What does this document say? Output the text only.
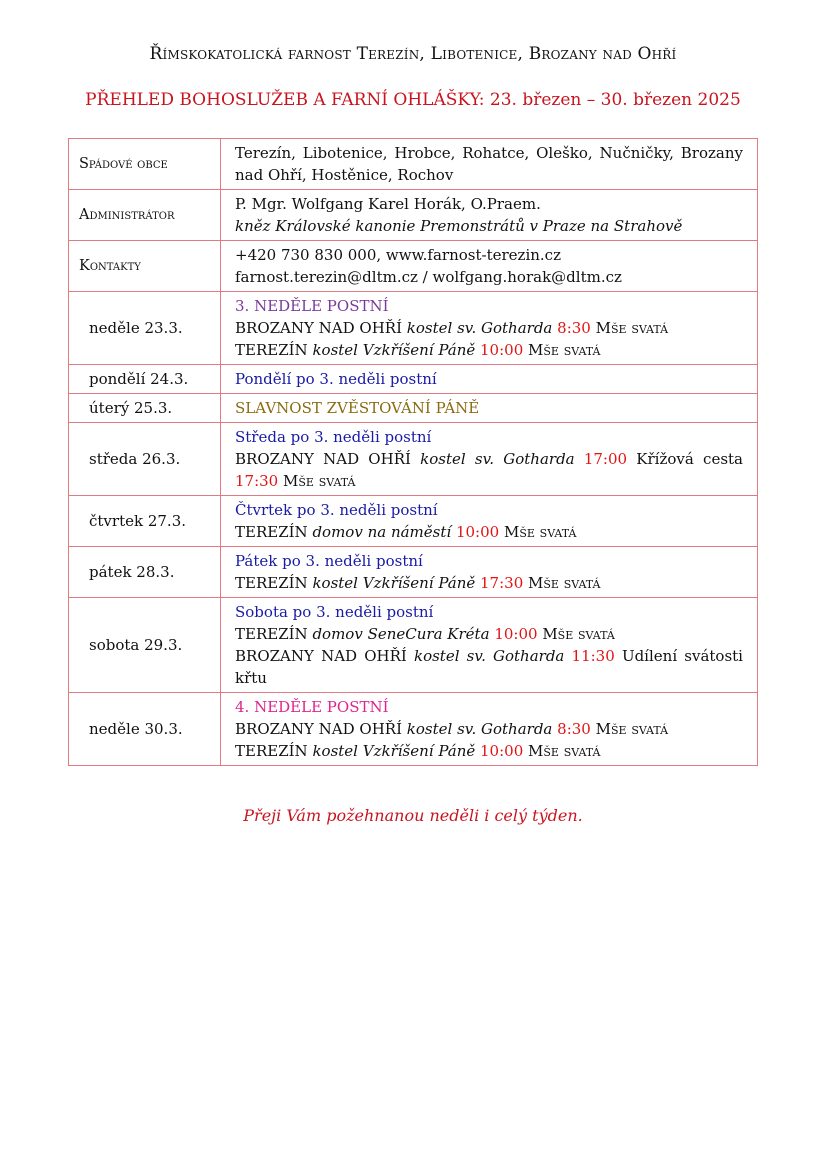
Římskokatolická farnost Terezín, Libotenice, Brozany nad Ohří
PŘEHLED BOHOSLUŽEB A FARNÍ OHLÁŠKY: 23. březen – 30. březen 2025
Spádové obce	Terezín, Libotenice, Hrobce, Rohatce, Oleško, Nučničky, Brozany nad Ohří, Hostěnice, Rochov
Administrátor	P. Mgr. Wolfgang Karel Horák, O.Praem.
kněz Královské kanonie Premonstrátů v Praze na Strahově

Kontakty	+420 730 830 000, www.farnost-terezin.cz
farnost.terezin@dltm.cz / wolfgang.horak@dltm.cz

neděle 23.3.	3. NEDĚLE POSTNÍ
BROZANY NAD OHŘÍ kostel sv. Gotharda 8:30 Mše svatá
TEREZÍN kostel Vzkříšení Páně 10:00 Mše svatá

pondělí 24.3.	Pondělí po 3. neděli postní

úterý 25.3.	SLAVNOST ZVĚSTOVÁNÍ PÁNĚ

středa 26.3.	Středa po 3. neděli postní
BROZANY NAD OHŘÍ kostel sv. Gotharda 17:00 Křížová cesta
17:30 Mše svatá

čtvrtek 27.3.	Čtvrtek po 3. neděli postní
TEREZÍN domov na náměstí 10:00 Mše svatá

pátek 28.3.	Pátek po 3. neděli postní
TEREZÍN kostel Vzkříšení Páně 17:30 Mše svatá

sobota 29.3.	Sobota po 3. neděli postní
TEREZÍN domov SeneCura Kréta 10:00 Mše svatá
BROZANY NAD OHŘÍ kostel sv. Gotharda 11:30 Udílení svátosti křtu

neděle 30.3.	4. NEDĚLE POSTNÍ
BROZANY NAD OHŘÍ kostel sv. Gotharda 8:30 Mše svatá
TEREZÍN kostel Vzkříšení Páně 10:00 Mše svatá
Přeji Vám požehnanou neděli i celý týden.
